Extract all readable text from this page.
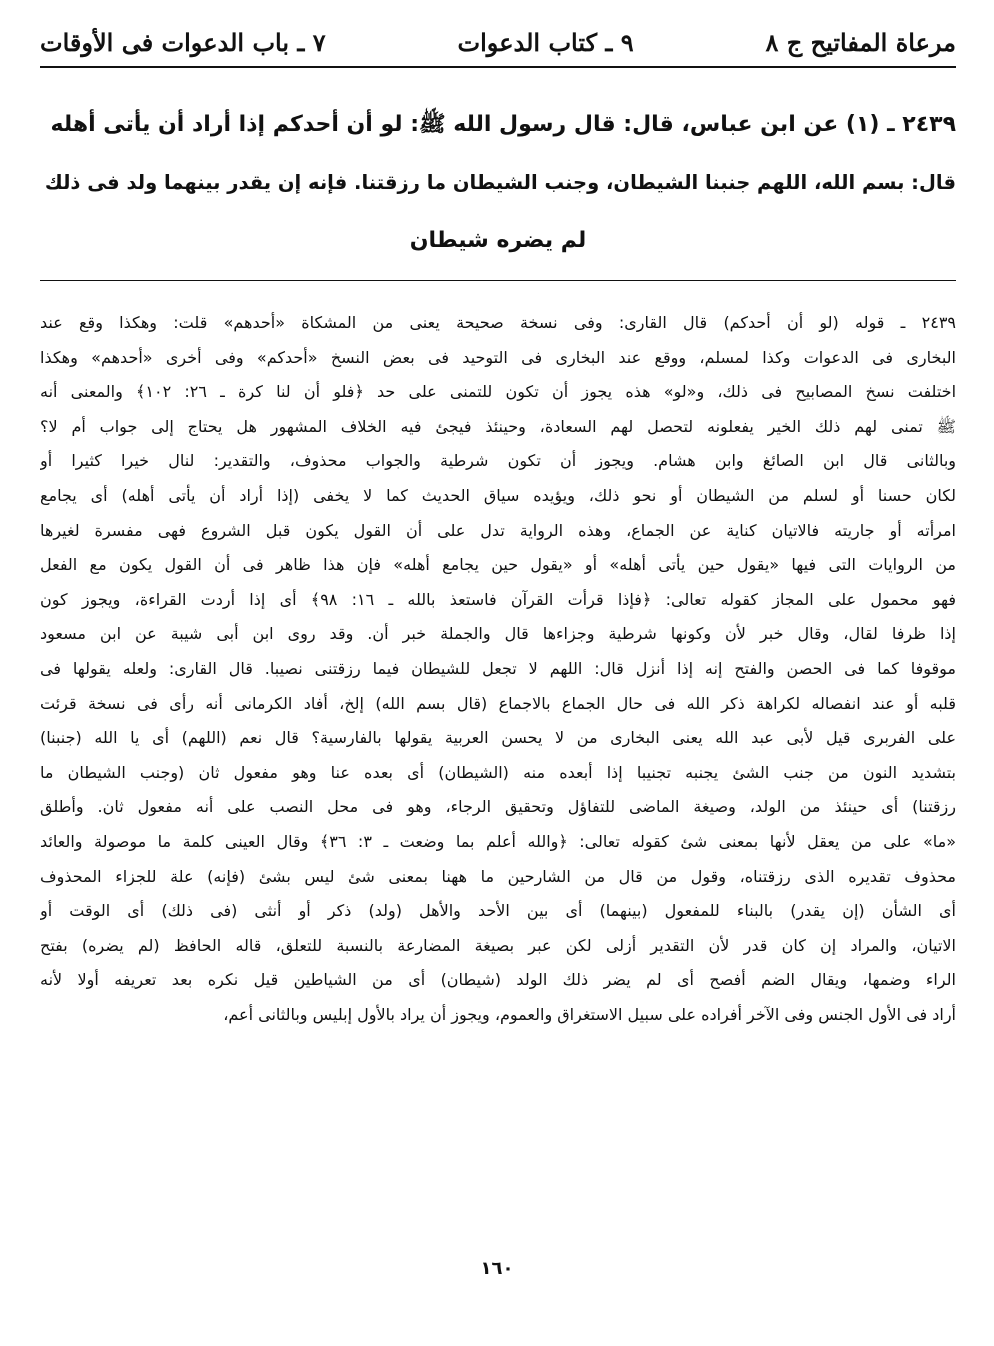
مرعاة المفاتيح ج ٨
٩ ـ كتاب الدعوات
٧ ـ باب الدعوات فى الأوقات
٢٤٣٩ ـ (١) عن ابن عباس، قال: قال رسول الله ﷺ: لو أن أحدكم إذا أراد أن يأتى أهله
قال: بسم الله، اللهم جنبنا الشيطان، وجنب الشيطان ما رزقتنا. فإنه إن يقدر بينهما ولد فى ذلك
لم يضره شيطان
٢٤٣٩ ـ قوله (لو أن أحدكم) قال القارى: وفى نسخة صحيحة يعنى من المشكاة «أحدهم» قلت: وهكذا وقع عند
البخارى فى الدعوات وكذا لمسلم، ووقع عند البخارى فى التوحيد فى بعض النسخ «أحدكم» وفى أخرى «أحدهم» وهكذا
اختلفت نسخ المصابيح فى ذلك، و«لو» هذه يجوز أن تكون للتمنى على حد ﴿فلو أن لنا كرة ـ ٢٦: ١٠٢﴾ والمعنى أنه
ﷺ تمنى لهم ذلك الخير يفعلونه لتحصل لهم السعادة، وحينئذ فيجئ فيه الخلاف المشهور هل يحتاج إلى جواب أم لا؟
وبالثانى قال ابن الصائغ وابن هشام. ويجوز أن تكون شرطية والجواب محذوف، والتقدير: لنال خيرا كثيرا أو
لكان حسنا أو لسلم من الشيطان أو نحو ذلك، ويؤيده سياق الحديث كما لا يخفى (إذا أراد أن يأتى أهله) أى يجامع
امرأته أو جاريته فالاتيان كناية عن الجماع، وهذه الرواية تدل على أن القول يكون قبل الشروع فهى مفسرة لغيرها
من الروايات التى فيها «يقول حين يأتى أهله» أو «يقول حين يجامع أهله» فإن هذا ظاهر فى أن القول يكون مع الفعل
فهو محمول على المجاز كقوله تعالى: ﴿فإذا قرأت القرآن فاستعذ بالله ـ ١٦: ٩٨﴾ أى إذا أردت القراءة، ويجوز كون
إذا ظرفا لقال، وقال خبر لأن وكونها شرطية وجزاءها قال والجملة خبر أن. وقد روى ابن أبى شيبة عن ابن مسعود
موقوفا كما فى الحصن والفتح إنه إذا أنزل قال: اللهم لا تجعل للشيطان فيما رزقتنى نصيبا. قال القارى: ولعله يقولها فى
قلبه أو عند انفصاله لكراهة ذكر الله فى حال الجماع بالاجماع (قال بسم الله) إلخ، أفاد الكرمانى أنه رأى فى نسخة قرئت
على الفربرى قيل لأبى عبد الله يعنى البخارى من لا يحسن العربية يقولها بالفارسية؟ قال نعم (اللهم) أى يا الله (جنبنا)
بتشديد النون من جنب الشئ يجنبه تجنيبا إذا أبعده منه (الشيطان) أى بعده عنا وهو مفعول ثان (وجنب الشيطان ما
رزقتنا) أى حينئذ من الولد، وصيغة الماضى للتفاؤل وتحقيق الرجاء، وهو فى محل النصب على أنه مفعول ثان. وأطلق
«ما» على من يعقل لأنها بمعنى شئ كقوله تعالى: ﴿والله أعلم بما وضعت ـ ٣: ٣٦﴾ وقال العينى كلمة ما موصولة والعائد
محذوف تقديره الذى رزقتناه، وقول من قال من الشارحين ما ههنا بمعنى شئ ليس بشئ (فإنه) علة للجزاء المحذوف
أى الشأن (إن يقدر) بالبناء للمفعول (بينهما) أى بين الأحد والأهل (ولد) ذكر أو أنثى (فى ذلك) أى الوقت أو
الاتيان، والمراد إن كان قدر لأن التقدير أزلى لكن عبر بصيغة المضارعة بالنسبة للتعلق، قاله الحافظ (لم يضره) بفتح
الراء وضمها، ويقال الضم أفصح أى لم يضر ذلك الولد (شيطان) أى من الشياطين قيل نكره بعد تعريفه أولا لأنه
أراد فى الأول الجنس وفى الآخر أفراده على سبيل الاستغراق والعموم، ويجوز أن يراد بالأول إبليس وبالثانى أعم،
١٦٠
